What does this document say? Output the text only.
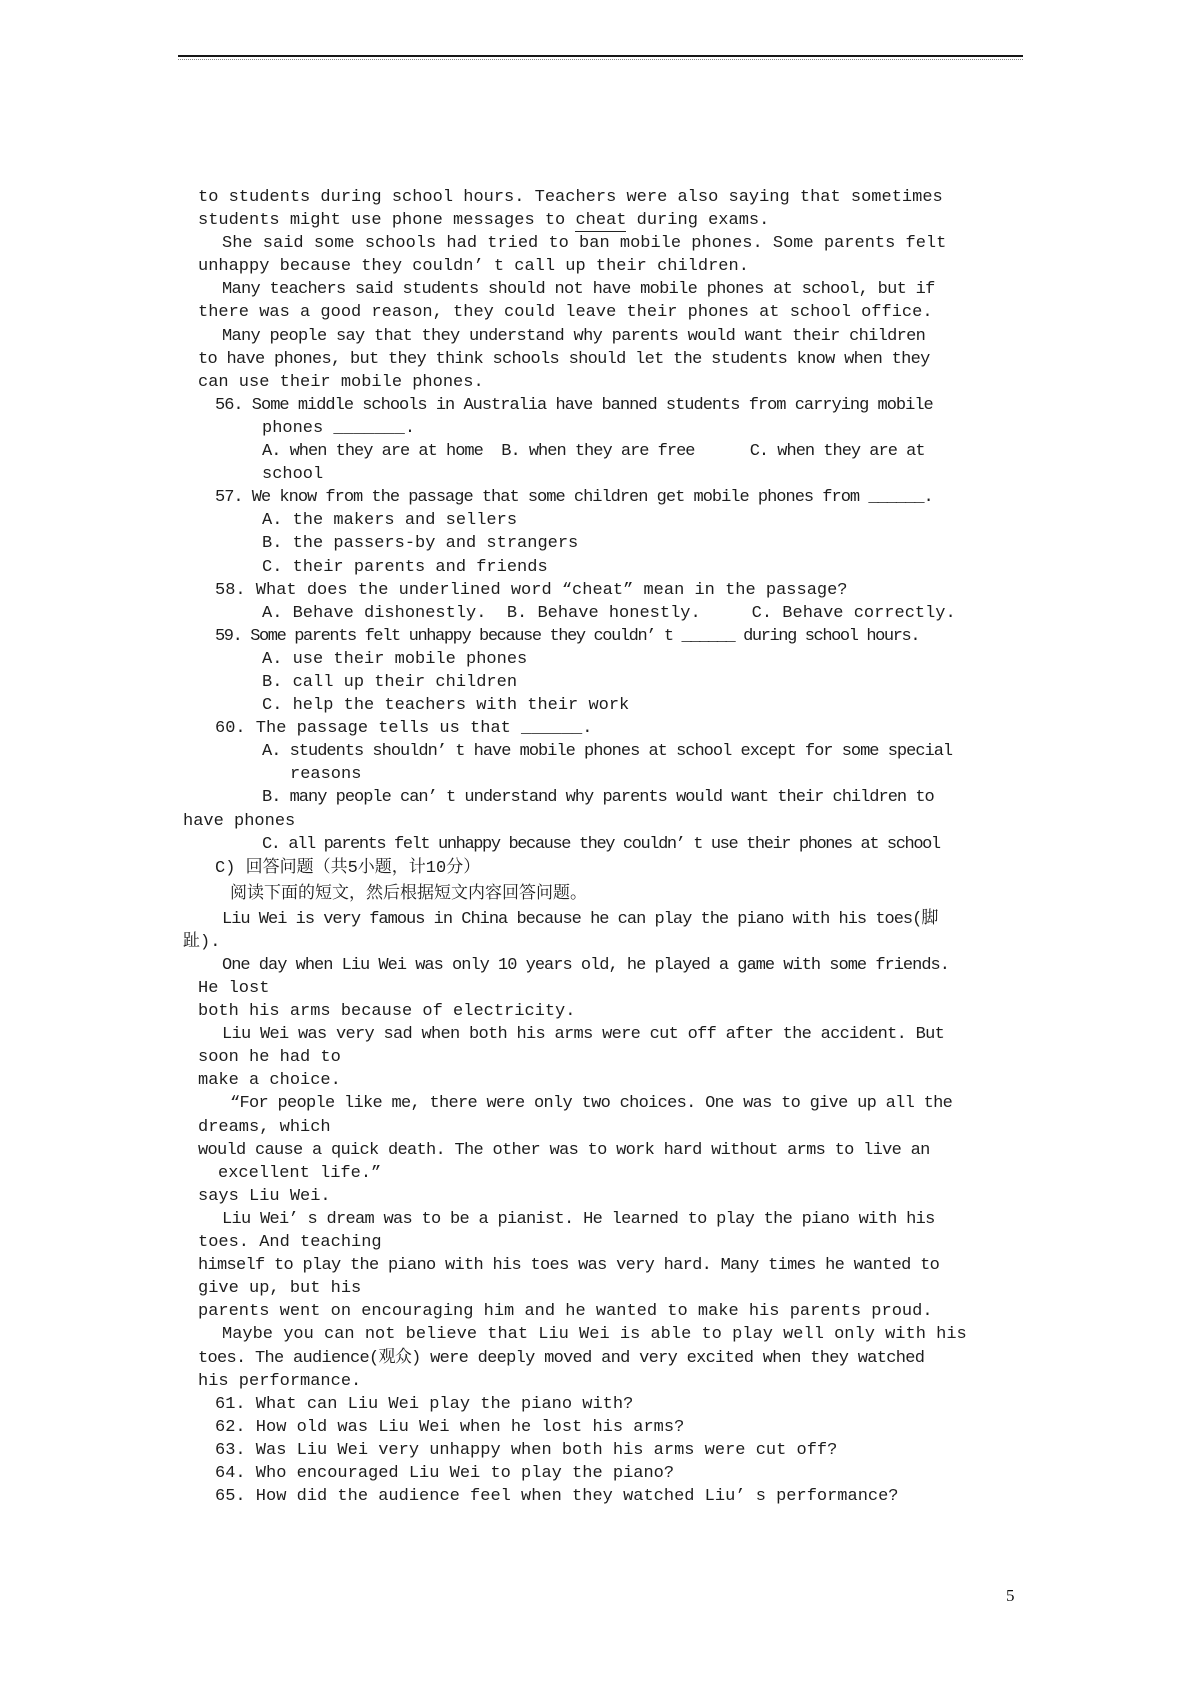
to students during school hours. Teachers were also saying that sometimes
students might use phone messages to cheat during exams.
She said some schools had tried to ban mobile phones. Some parents felt
unhappy because they couldn’ t call up their children.
Many teachers said students should not have mobile phones at school, but if
there was a good reason, they could leave their phones at school office.
Many people say that they understand why parents would want their children
to have phones, but they think schools should let the students know when they
can use their mobile phones.
56. Some middle schools in Australia have banned students from carrying mobile
phones _______.
A. when they are at home  B. when they are free      C. when they are at
school
57. We know from the passage that some children get mobile phones from ______.
A. the makers and sellers
B. the passers-by and strangers
C. their parents and friends
58. What does the underlined word “cheat” mean in the passage?
A. Behave dishonestly.  B. Behave honestly.     C. Behave correctly.
59. Some parents felt unhappy because they couldn’ t ______ during school hours.
A. use their mobile phones
B. call up their children
C. help the teachers with their work
60. The passage tells us that ______.
A. students shouldn’ t have mobile phones at school except for some special
reasons
B. many people can’ t understand why parents would want their children to
have phones
C. all parents felt unhappy because they couldn’ t use their phones at school
C) 回答问题（共5小题，计10分）
阅读下面的短文，然后根据短文内容回答问题。
Liu Wei is very famous in China because he can play the piano with his toes(脚
趾).
One day when Liu Wei was only 10 years old, he played a game with some friends.
He lost
both his arms because of electricity.
Liu Wei was very sad when both his arms were cut off after the accident. But
soon he had to
make a choice.
“For people like me, there were only two choices. One was to give up all the
dreams, which
would cause a quick death. The other was to work hard without arms to live an
excellent life.”
says Liu Wei.
Liu Wei’ s dream was to be a pianist. He learned to play the piano with his
toes. And teaching
himself to play the piano with his toes was very hard. Many times he wanted to
give up, but his
parents went on encouraging him and he wanted to make his parents proud.
Maybe you can not believe that Liu Wei is able to play well only with his
toes. The audience(观众) were deeply moved and very excited when they watched
his performance.
61. What can Liu Wei play the piano with?
62. How old was Liu Wei when he lost his arms?
63. Was Liu Wei very unhappy when both his arms were cut off?
64. Who encouraged Liu Wei to play the piano?
65. How did the audience feel when they watched Liu’ s performance?
5
